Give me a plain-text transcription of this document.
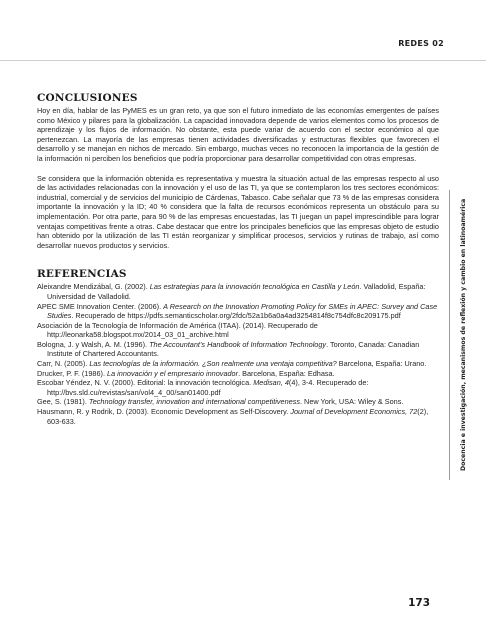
REDES 02
CONCLUSIONES

Hoy en día, hablar de las PyMES es un gran reto, ya que son el futuro inmediato de las economías emergentes de países como México y pilares para la globalización. La capacidad innovadora depende de varios elementos como los procesos de aprendizaje y los flujos de información. No obstante, esta puede variar de acuerdo con el sector económico al que pertenezcan. La mayoría de las empresas tienen actividades diversificadas y estructuras flexibles que favorecen el desarrollo y se manejan en nichos de mercado. Sin embargo, muchas veces no reconocen la importancia de la gestión de la información ni perciben los beneficios que podría proporcionar para desarrollar competitividad con otras empresas.

Se considera que la información obtenida es representativa y muestra la situación actual de las empresas respecto al uso de las actividades relacionadas con la innovación y el uso de las TI, ya que se contemplaron los tres sectores económicos: industrial, comercial y de servicios del municipio de Cárdenas, Tabasco. Cabe señalar que 73 % de las empresas considera importante la innovación y la ID; 40 % considera que la falta de recursos económicos representa un obstáculo para su implementación. Por otra parte, para 90 % de las empresas encuestadas, las TI juegan un papel imprescindible para lograr ventajas competitivas frente a otras. Cabe destacar que entre los principales beneficios que las empresas objeto de estudio han obtenido por la utilización de las TI están reorganizar y simplificar procesos, servicios y rutinas de trabajo, así como desarrollar nuevos productos y servicios.

REFERENCIAS
Aleixandre Mendizábal, G. (2002). Las estrategias para la innovación tecnológica en Castilla y León. Valladolid, España: Universidad de Valladolid.
APEC SME Innovation Center. (2006). A Research on the Innovation Promoting Policy for SMEs in APEC: Survey and Case Studies. Recuperado de https://pdfs.semanticscholar.org/2fdc/52a1b6a0a4ad3254814f8c754dfc8c209175.pdf
Asociación de la Tecnología de Información de América (ITAA). (2014). Recuperado de http://leonarka58.blogspot.mx/2014_03_01_archive.html
Bologna, J. y Walsh, A. M. (1996). The Accountant’s Handbook of Information Technology. Toronto, Canada: Canadian Institute of Chartered Accountants.
Carr, N. (2005). Las tecnologías de la información. ¿Son realmente una ventaja competitiva? Barcelona, España: Urano.
Drucker, P. F. (1986). La innovación y el empresario innovador. Barcelona, España: Edhasa.
Escobar Yéndez, N. V. (2000). Editorial: la innovación tecnológica. Medisan, 4(4), 3-4. Recuperado de: http://bvs.sld.cu/revistas/san/vol4_4_00/san01400.pdf
Gee, S. (1981). Technology transfer, innovation and international competitiveness. New York, USA: Wiley & Sons.
Hausmann, R. y Rodrik, D. (2003). Economic Development as Self-Discovery. Journal of Development Economics, 72(2), 603-633.	Docencia e investigación, mecanismos de reflexión y cambio en latinoamérica
173
